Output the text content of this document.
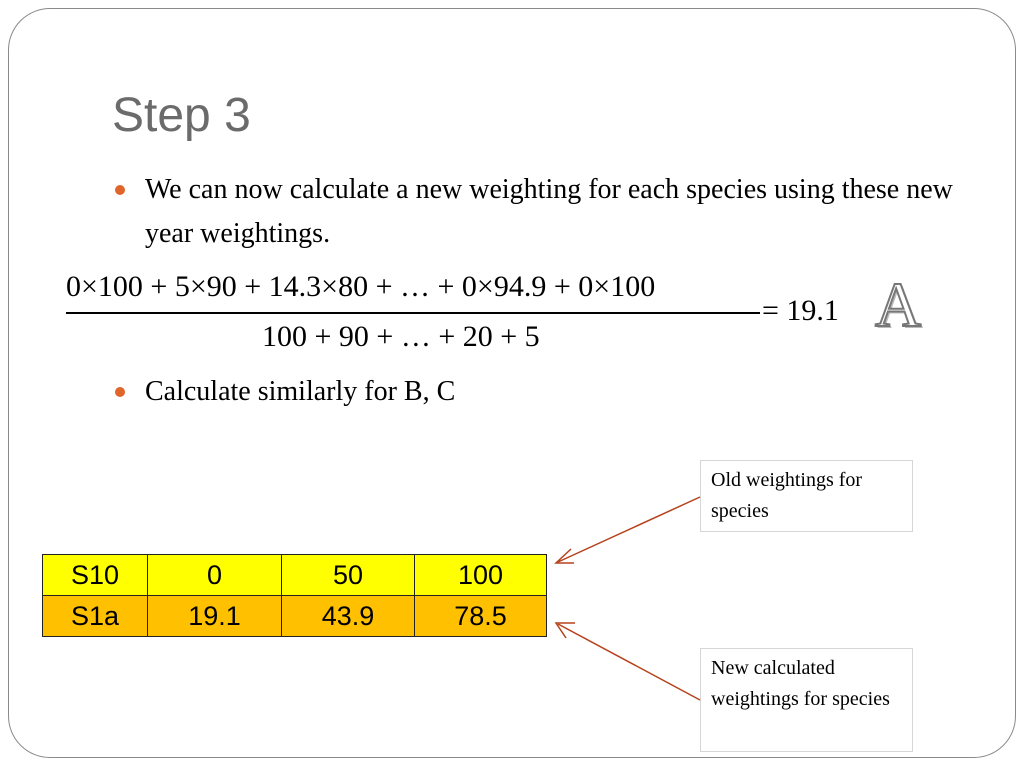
Step 3
We can now calculate a new weighting for each species using these new year weightings.
0×100 + 5×90 + 14.3×80 + … + 0×94.9 + 0×100
100 + 90 + … + 20 + 5
= 19.1 A
Calculate similarly for B, C
S10	0	50	100
S1a	19.1	43.9	78.5
Old weightings for species
New calculated weightings for species
